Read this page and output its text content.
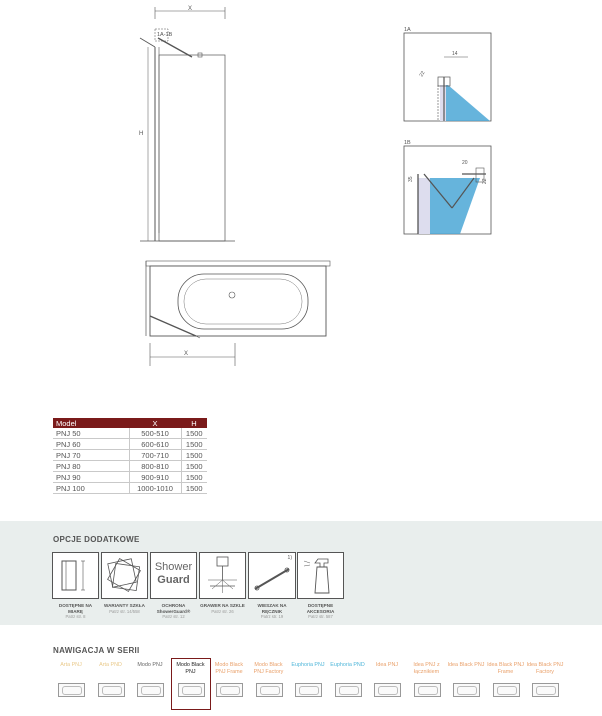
X
1A-1B
H
1A
14
22
1B
20
35	22
X
Model	X	H
PNJ 50	500-510	1500
PNJ 60	600-610	1500
PNJ 70	700-710	1500
PNJ 80	800-810	1500
PNJ 90	900-910	1500
PNJ 100	1000-1010	1500
OPCJE DODATKOWE
DOSTĘPNE NA MIARĘ
Patrz str. 8
WARIANTY SZKŁA
Patrz str. 14/558
Shower
Guard
OCHRONA ShowerGuard®
Patrz str. 12
GRAWER NA SZKLE
Patrz str. 26
1)
WIESZAK NA RĘCZNIK
Patrz str. 19
DOSTĘPNE AKCESORIA
Patrz str. 587
NAWIGACJA W SERII
Arta PNJ	Arta PND	Modo PNJ	Modo Black PNJ
Modo Black PNJ Frame
Modo Black PNJ Factory
Euphoria PNJ	Euphoria PND	Idea PNJ	Idea PNJ z łącznikiem
Idea Black PNJ Idea Black PNJ Frame
Idea Black PNJ Factory
